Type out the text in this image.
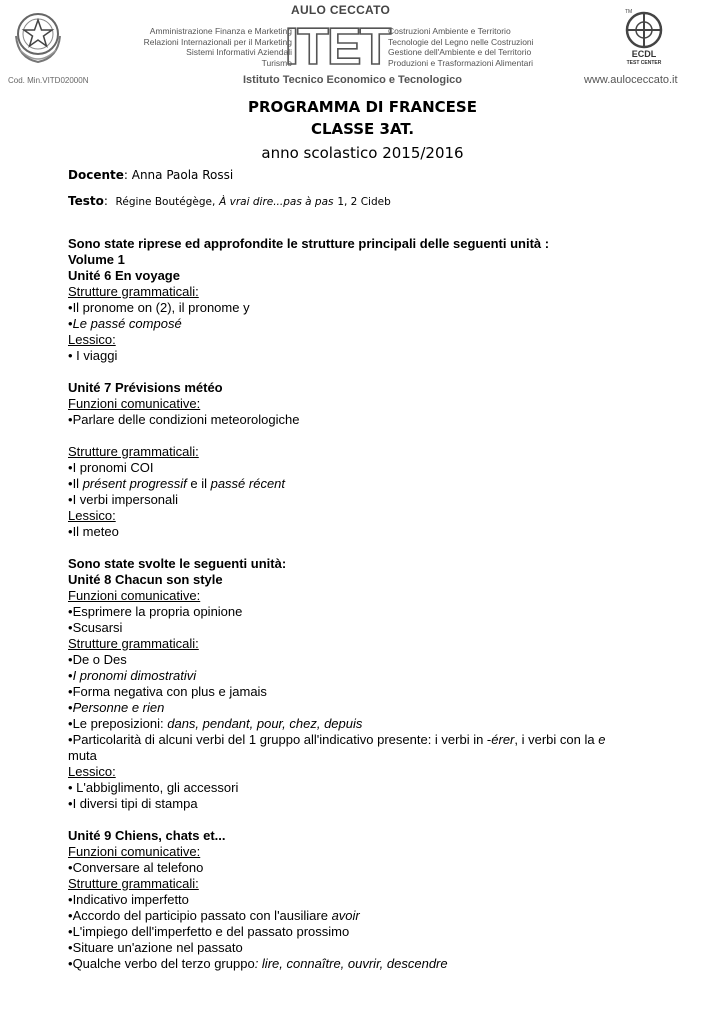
Cod. Min.VITD02000N
AULO CECCATO
Amministrazione Finanza e Marketing
Relazioni Internazionali per il Marketing
Sistemi Informativi Aziendali
Turismo
ITET
Costruzioni Ambiente e Territorio
Tecnologie del Legno nelle Costruzioni
Gestione dell'Ambiente e del Territorio
Produzioni e Trasformazioni Alimentari
Istituto Tecnico Economico e Tecnologico
TM
ECDL
TEST CENTER
www.auloceccato.it
PROGRAMMA DI FRANCESE
CLASSE 3AT.
anno scolastico 2015/2016
Docente: Anna Paola Rossi
Testo:  Régine Boutégège, À vrai dire...pas à pas 1, 2 Cideb
Sono state riprese ed approfondite le strutture principali delle seguenti unità :
Volume 1
Unité 6 En voyage
Strutture grammaticali:
• Il pronome on (2), il pronome y
• Le passé composé
Lessico:
• I viaggi
Unité 7 Prévisions météo
Funzioni comunicative:
• Parlare delle condizioni meteorologiche
Strutture grammaticali:
• I pronomi COI
• Il présent progressif e il passé récent
• I verbi impersonali
Lessico:
• Il meteo
Sono state svolte le seguenti unità:
Unité 8 Chacun son style
Funzioni comunicative:
• Esprimere la propria opinione
• Scusarsi
Strutture grammaticali:
• De o Des
• I pronomi dimostrativi
• Forma negativa con plus e jamais
• Personne e rien
• Le preposizioni: dans, pendant, pour, chez, depuis
• Particolarità di alcuni verbi del 1 gruppo all'indicativo presente: i verbi in -érer, i verbi con la e
muta
Lessico:
• L'abbiglimento, gli accessori
• I diversi tipi di stampa
Unité 9 Chiens, chats et...
Funzioni comunicative:
• Conversare al telefono
Strutture grammaticali:
• Indicativo imperfetto
• Accordo del participio passato con l'ausiliare avoir
• L'impiego dell'imperfetto e del passato prossimo
• Situare un'azione nel passato
• Qualche verbo del terzo gruppo: lire, connaître, ouvrir, descendre
